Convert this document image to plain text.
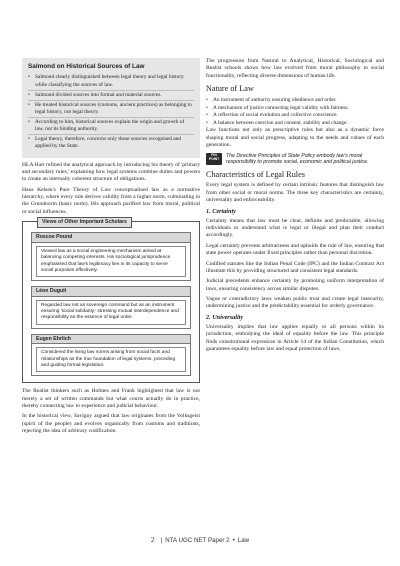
Salmond on Historical Sources of Law
• Salmond clearly distinguished between legal theory and legal history while classifying the sources of law.
• Salmond divided sources into formal and material sources.
• He treated historical sources (customs, ancient practices) as belonging to legal history, not legal theory.
• According to him, historical sources explain the origin and growth of law, not its binding authority.
• Legal theory, therefore, concerns only those sources recognised and applied by the State.

HLA Hart refined the analytical approach by introducing his theory of 'primary and secondary rules,' explaining how legal systems combine duties and powers to create an internally coherent structure of obligations.

Hans Kelsen's Pure Theory of Law conceptualised law as a normative hierarchy, where every rule derives validity from a higher norm, culminating in the Grundnorm (basic norm). His approach purified law from moral, political or social influences.

Views of Other Important Scholars
Roscoe Pound
Viewed law as a social engineering mechanism aimed at balancing competing interests. His sociological jurisprudence emphasised that law's legitimacy lies in its capacity to serve social purposes effectively.
Léon Duguit
Regarded law not as sovereign command but as an instrument ensuring 'social solidarity,' stressing mutual interdependence and responsibility as the essence of legal order.
Eugen Ehrlich
Considered the living law norms arising from social facts and relationships as the true foundation of legal systems, preceding and guiding formal legislation.

The Realist thinkers such as Holmes and Frank highlighted that law is not merely a set of written commands but what courts actually do in practice, thereby connecting law to experience and judicial behaviour.

In the historical view, Savigny argued that law originates from the Volksgeist (spirit of the people) and evolves organically from customs and traditions, rejecting the idea of arbitrary codification.

The progression from Natural to Analytical, Historical, Sociological and Realist schools shows how law evolved from moral philosophy to social functionality, reflecting diverse dimensions of human life.

Nature of Law
• An instrument of authority ensuring obedience and order.
• A mechanism of justice connecting legal validity with fairness.
• A reflection of social evolution and collective conscience.
• A balance between coercion and consent, stability and change.

Law functions not only as prescriptive rules but also as a dynamic force shaping moral and social progress, adapting to the needs and values of each generation.

PIN POINT
The Directive Principles of State Policy embody law's moral responsibility to promote social, economic and political justice.
Characteristics of Legal Rules

Every legal system is defined by certain intrinsic features that distinguish law from other social or moral norms. The three key characteristics are certainty, universality and enforceability.

1. Certainty

Certainty means that law must be clear, definite and predictable, allowing individuals to understand what is legal or illegal and plan their conduct accordingly.

Legal certainty prevents arbitrariness and upholds the rule of law, ensuring that state power operates under fixed principles rather than personal discretion.

Codified statutes like the Indian Penal Code (IPC) and the Indian Contract Act illustrate this by providing structured and consistent legal standards.

Judicial precedents enhance certainty by promoting uniform interpretation of laws, ensuring consistency across similar disputes.

Vague or contradictory laws weaken public trust and create legal insecurity, undermining justice and the predictability essential for orderly governance.

2. Universality

Universality implies that law applies equally to all persons within its jurisdiction, embodying the ideal of equality before the law. This principle finds constitutional expression in Article 14 of the Indian Constitution, which guarantees equality before law and equal protection of laws.

2 | NTA UGC NET Paper 2 • Law
